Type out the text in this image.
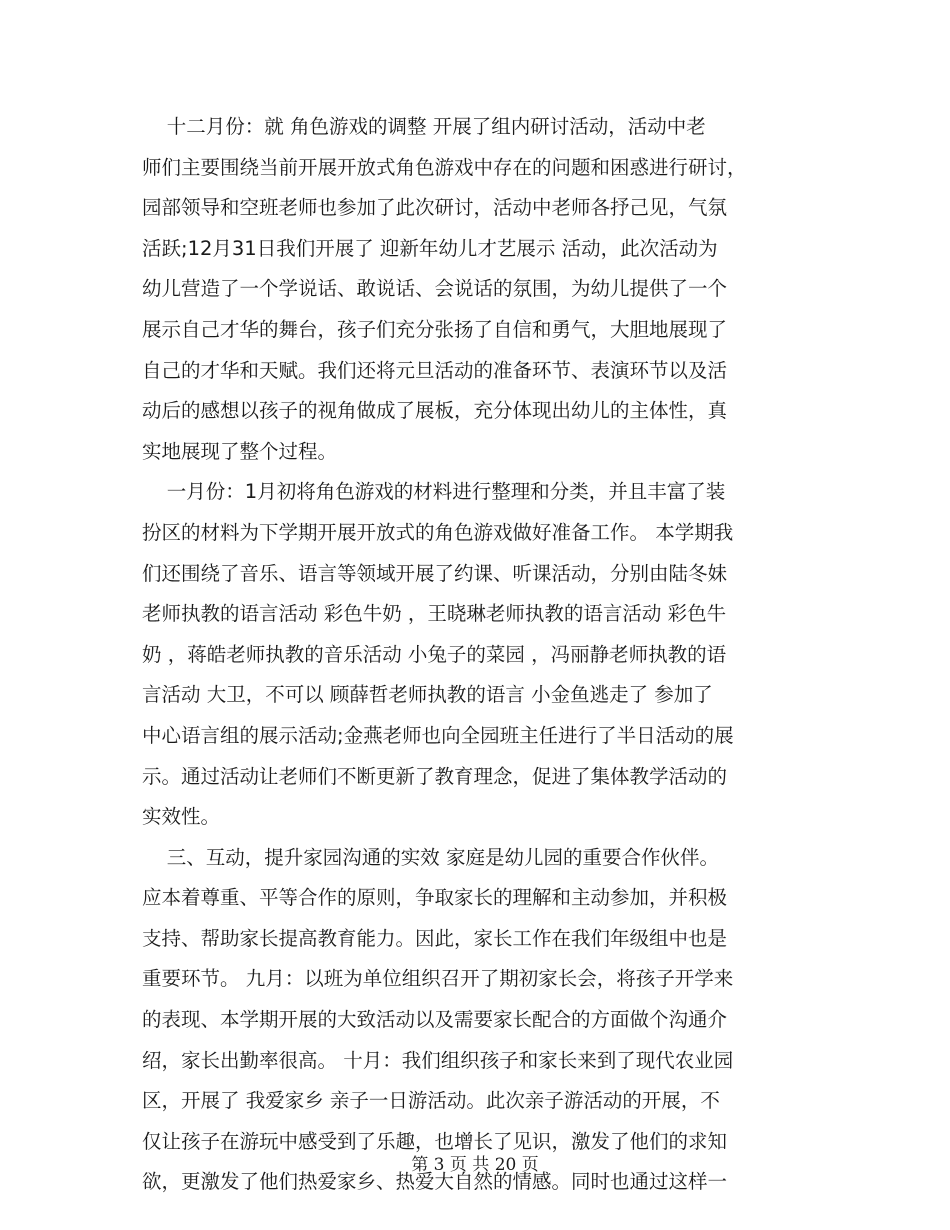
十二月份：就 角色游戏的调整 开展了组内研讨活动，活动中老
师们主要围绕当前开展开放式角色游戏中存在的问题和困惑进行研讨，
园部领导和空班老师也参加了此次研讨，活动中老师各抒己见，气氛
活跃;12月31日我们开展了 迎新年幼儿才艺展示 活动，此次活动为
幼儿营造了一个学说话、敢说话、会说话的氛围，为幼儿提供了一个
展示自己才华的舞台，孩子们充分张扬了自信和勇气，大胆地展现了
自己的才华和天赋。我们还将元旦活动的准备环节、表演环节以及活
动后的感想以孩子的视角做成了展板，充分体现出幼儿的主体性，真
实地展现了整个过程。
一月份：1月初将角色游戏的材料进行整理和分类，并且丰富了装
扮区的材料为下学期开展开放式的角色游戏做好准备工作。 本学期我
们还围绕了音乐、语言等领域开展了约课、听课活动，分别由陆冬妹
老师执教的语言活动 彩色牛奶 ，王晓琳老师执教的语言活动 彩色牛
奶 ，蒋皓老师执教的音乐活动 小兔子的菜园 ，冯丽静老师执教的语
言活动 大卫，不可以 顾薛哲老师执教的语言 小金鱼逃走了 参加了
中心语言组的展示活动;金燕老师也向全园班主任进行了半日活动的展
示。通过活动让老师们不断更新了教育理念，促进了集体教学活动的
实效性。
三、互动，提升家园沟通的实效 家庭是幼儿园的重要合作伙伴。
应本着尊重、平等合作的原则，争取家长的理解和主动参加，并积极
支持、帮助家长提高教育能力。因此，家长工作在我们年级组中也是
重要环节。 九月：以班为单位组织召开了期初家长会，将孩子开学来
的表现、本学期开展的大致活动以及需要家长配合的方面做个沟通介
绍，家长出勤率很高。 十月：我们组织孩子和家长来到了现代农业园
区，开展了 我爱家乡 亲子一日游活动。此次亲子游活动的开展，不
仅让孩子在游玩中感受到了乐趣，也增长了见识，激发了他们的求知
欲，更激发了他们热爱家乡、热爱大自然的情感。同时也通过这样一
第 3 页 共 20 页
